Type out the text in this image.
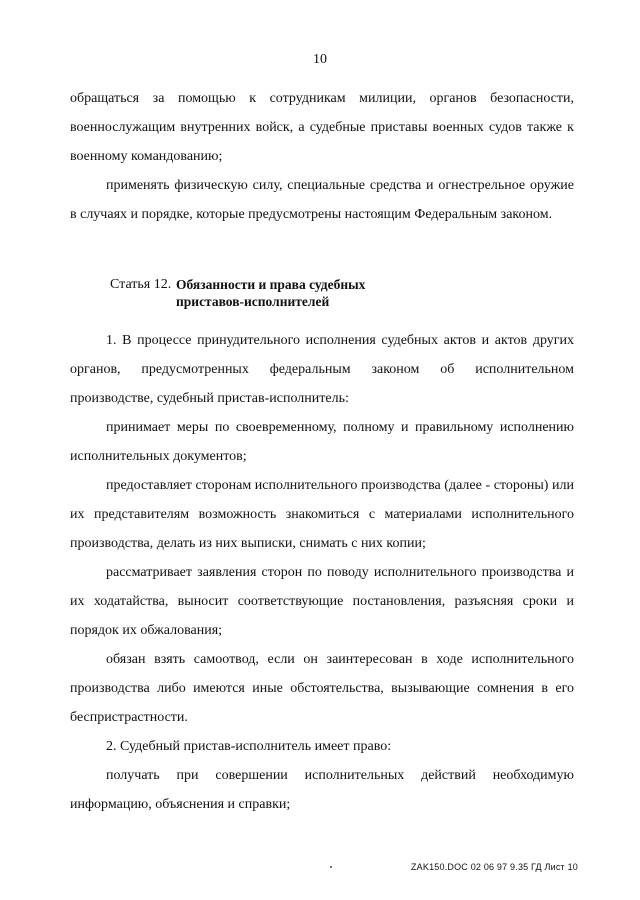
10

обращаться за помощью к сотрудникам милиции, органов безопасности, военнослужащим внутренних войск, а судебные приставы военных судов также к военному командованию;

применять физическую силу, специальные средства и огнестрельное оружие в случаях и порядке, которые предусмотрены настоящим Федеральным законом.

Статья 12. Обязанности и права судебных
приставов-исполнителей

1. В процессе принудительного исполнения судебных актов и актов других органов, предусмотренных федеральным законом об исполнительном производстве, судебный пристав-исполнитель:

принимает меры по своевременному, полному и правильному исполнению исполнительных документов;

предоставляет сторонам исполнительного производства (далее - стороны) или их представителям возможность знакомиться с материалами исполнительного производства, делать из них выписки, снимать с них копии;

рассматривает заявления сторон по поводу исполнительного производства и их ходатайства, выносит соответствующие постановления, разъясняя сроки и порядок их обжалования;

обязан взять самоотвод, если он заинтересован в ходе исполнительного производства либо имеются иные обстоятельства, вызывающие сомнения в его беспристрастности.

2. Судебный пристав-исполнитель имеет право:

получать при совершении исполнительных действий необходимую информацию, объяснения и справки;

ZAK150.DOC 02 06 97 9.35 ГД Лист 10
